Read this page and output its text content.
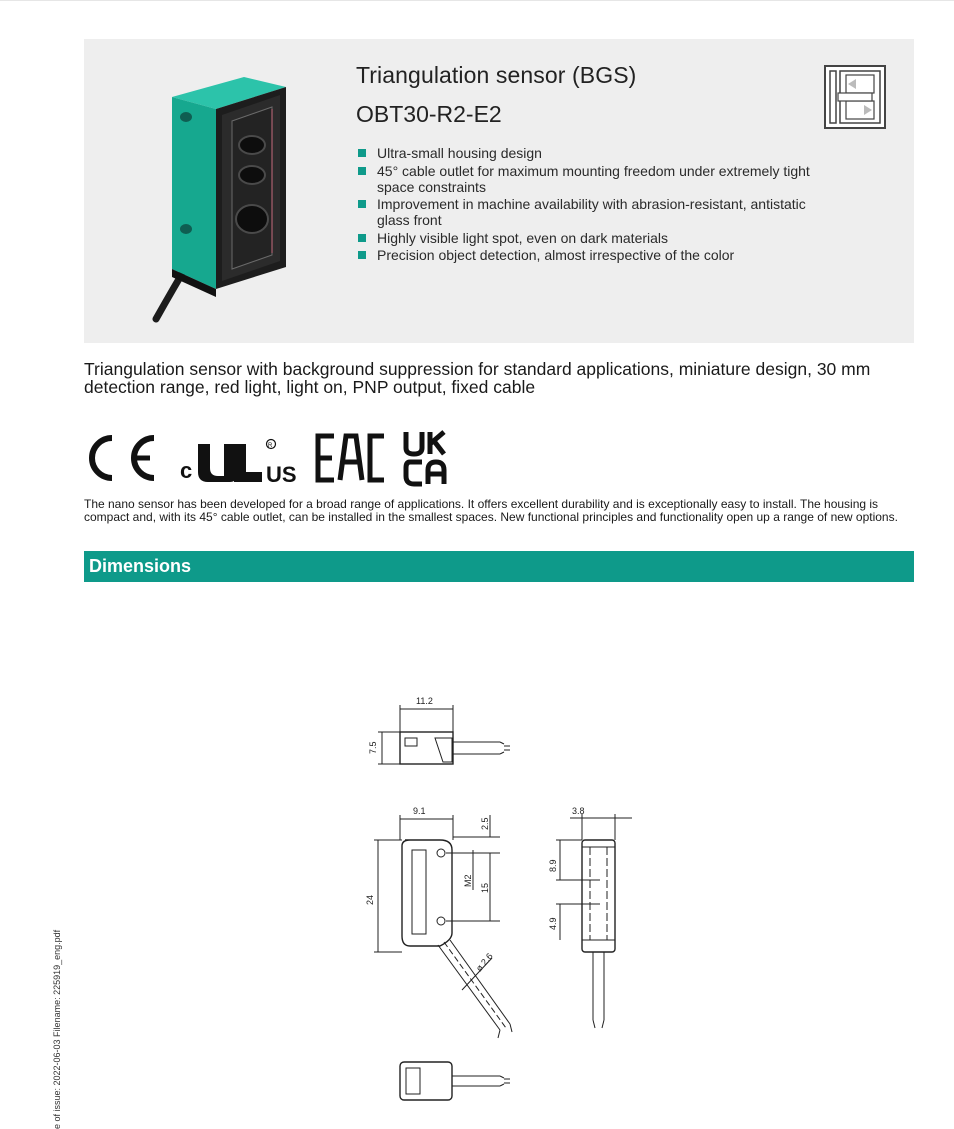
Triangulation sensor (BGS)
OBT30-R2-E2
Ultra-small housing design
45° cable outlet for maximum mounting freedom under extremely tight space constraints
Improvement in machine availability with abrasion-resistant, antistatic glass front
Highly visible light spot, even on dark materials
Precision object detection, almost irrespective of the color
Triangulation sensor with background suppression for standard applications, miniature design, 30 mm detection range, red light, light on, PNP output, fixed cable
c
R
US
The nano sensor has been developed for a broad range of applications. It offers excellent durability and is exceptionally easy to install. The housing is compact and, with its 45° cable outlet, can be installed in the smallest spaces. New functional principles and functionality open up a range of new options.
Dimensions
11.2
7.5
9.1
2.5
M2
15
24
ø 2.6
3.8
8.9
4.9
e of issue: 2022-06-03 Filename: 225919_eng.pdf
